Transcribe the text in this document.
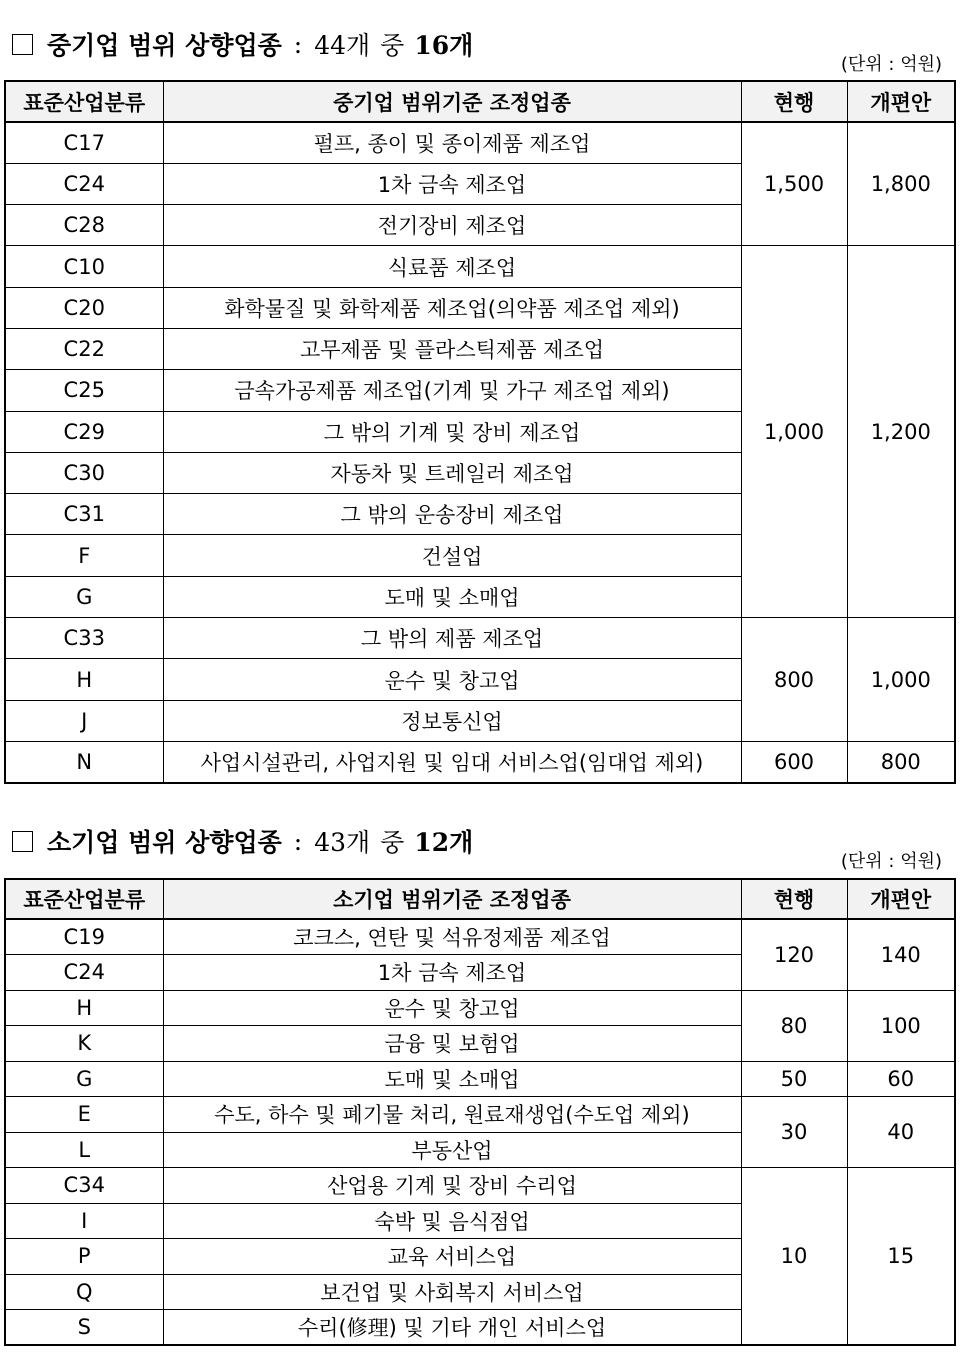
중기업 범위 상향업종 : 44개 중 16개
(단위 : 억원)
표준산업분류	중기업 범위기준 조정업종	현행	개편안
C17	펄프, 종이 및 종이제품 제조업	1,500	1,800
C24	1차 금속 제조업		
C28	전기장비 제조업		
C10	식료품 제조업	1,000	1,200
C20	화학물질 및 화학제품 제조업(의약품 제조업 제외)		
C22	고무제품 및 플라스틱제품 제조업		
C25	금속가공제품 제조업(기계 및 가구 제조업 제외)		
C29	그 밖의 기계 및 장비 제조업		
C30	자동차 및 트레일러 제조업		
C31	그 밖의 운송장비 제조업		
F	건설업		
G	도매 및 소매업		
C33	그 밖의 제품 제조업	800	1,000
H	운수 및 창고업		
J	정보통신업		
N	사업시설관리, 사업지원 및 임대 서비스업(임대업 제외)	600	800
소기업 범위 상향업종 : 43개 중 12개
(단위 : 억원)
표준산업분류	소기업 범위기준 조정업종	현행	개편안
C19	코크스, 연탄 및 석유정제품 제조업	120	140
C24	1차 금속 제조업		
H	운수 및 창고업	80	100
K	금융 및 보험업		
G	도매 및 소매업	50	60
E	수도, 하수 및 폐기물 처리, 원료재생업(수도업 제외)	30	40
L	부동산업		
C34	산업용 기계 및 장비 수리업	10	15
I	숙박 및 음식점업		
P	교육 서비스업		
Q	보건업 및 사회복지 서비스업		
S	수리(修理) 및 기타 개인 서비스업		
